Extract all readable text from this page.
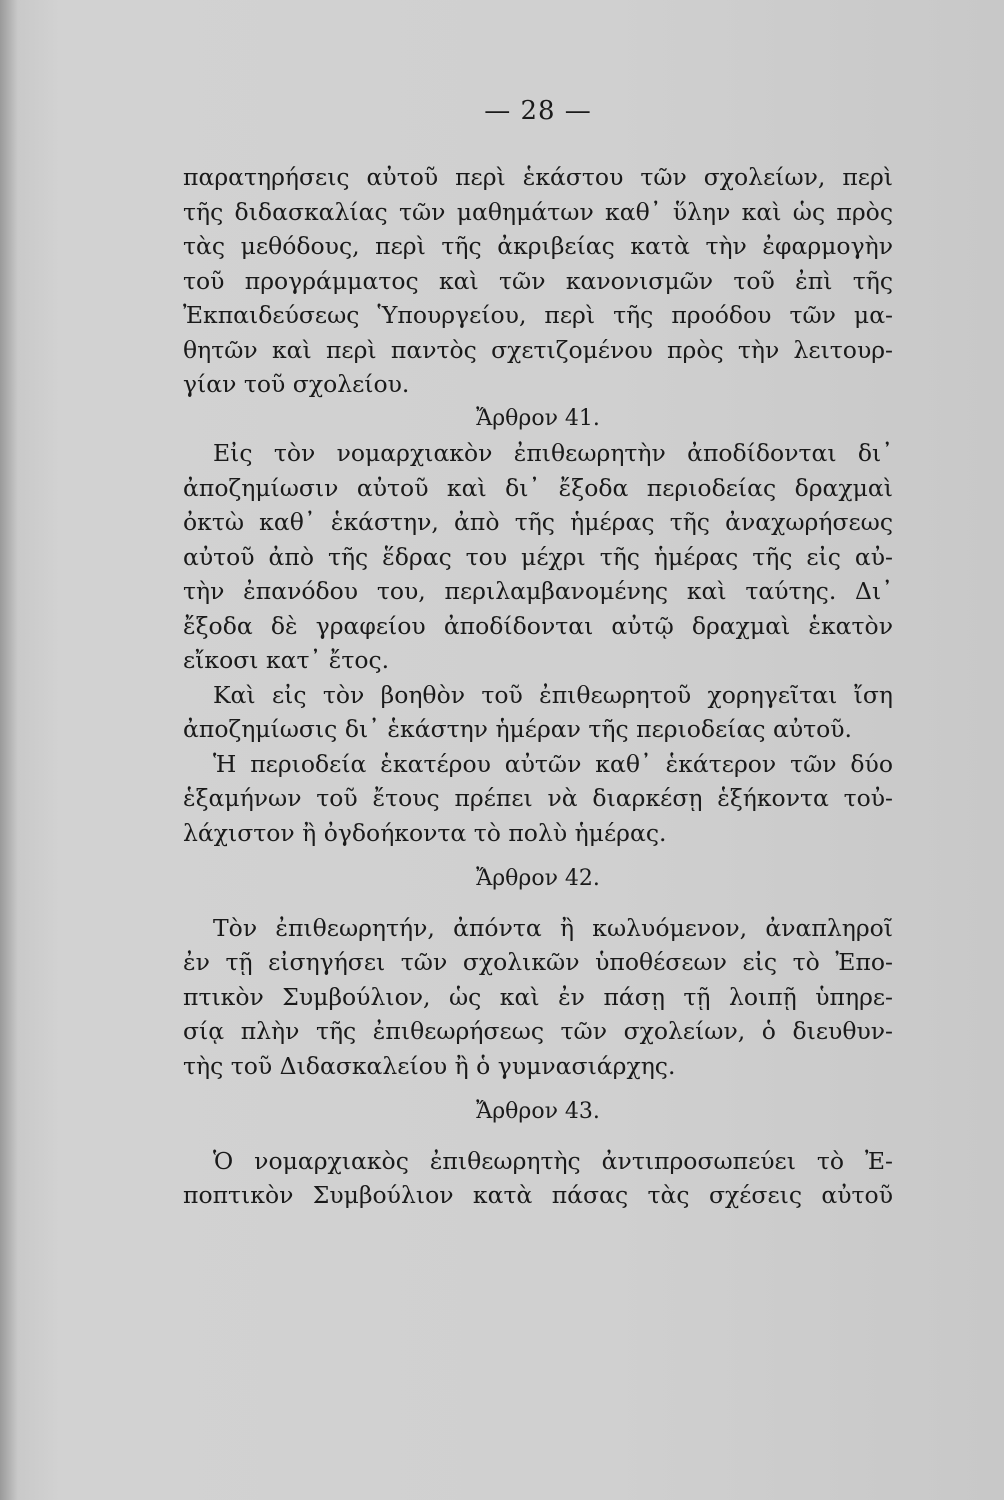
— 28 —
παρατηρήσεις αὐτοῦ περὶ ἑκάστου τῶν σχολείων, περὶ
τῆς διδασκαλίας τῶν μαθημάτων καθ᾽ ὕλην καὶ ὡς πρὸς
τὰς μεθόδους, περὶ τῆς ἀκριβείας κατὰ τὴν ἐφαρμογὴν
τοῦ προγράμματος καὶ τῶν κανονισμῶν τοῦ ἐπὶ τῆς
Ἐκπαιδεύσεως Ὑπουργείου, περὶ τῆς προόδου τῶν μα-
θητῶν καὶ περὶ παντὸς σχετιζομένου πρὸς τὴν λειτουρ-
γίαν τοῦ σχολείου.
Ἄρθρον 41.
Εἰς τὸν νομαρχιακὸν ἐπιθεωρητὴν ἀποδίδονται δι᾽
ἀποζημίωσιν αὐτοῦ καὶ δι᾽ ἔξοδα περιοδείας δραχμαὶ
ὀκτὼ καθ᾽ ἑκάστην, ἀπὸ τῆς ἡμέρας τῆς ἀναχωρήσεως
αὐτοῦ ἀπὸ τῆς ἕδρας του μέχρι τῆς ἡμέρας τῆς εἰς αὐ-
τὴν ἐπανόδου του, περιλαμβανομένης καὶ ταύτης. Δι᾽
ἔξοδα δὲ γραφείου ἀποδίδονται αὐτῷ δραχμαὶ ἑκατὸν
εἴκοσι κατ᾽ ἔτος.
Καὶ εἰς τὸν βοηθὸν τοῦ ἐπιθεωρητοῦ χορηγεῖται ἴση
ἀποζημίωσις δι᾽ ἑκάστην ἡμέραν τῆς περιοδείας αὐτοῦ.
Ἡ περιοδεία ἑκατέρου αὐτῶν καθ᾽ ἑκάτερον τῶν δύο
ἑξαμήνων τοῦ ἔτους πρέπει νὰ διαρκέσῃ ἑξήκοντα τοὐ-
λάχιστον ἢ ὀγδοήκοντα τὸ πολὺ ἡμέρας.
Ἄρθρον 42.
Τὸν ἐπιθεωρητήν, ἀπόντα ἢ κωλυόμενον, ἀναπληροῖ
ἐν τῇ εἰσηγήσει τῶν σχολικῶν ὑποθέσεων εἰς τὸ Ἐπο-
πτικὸν Συμβούλιον, ὡς καὶ ἐν πάσῃ τῇ λοιπῇ ὑπηρε-
σίᾳ πλὴν τῆς ἐπιθεωρήσεως τῶν σχολείων, ὁ διευθυν-
τὴς τοῦ Διδασκαλείου ἢ ὁ γυμνασιάρχης.
Ἄρθρον 43.
Ὁ νομαρχιακὸς ἐπιθεωρητὴς ἀντιπροσωπεύει τὸ Ἐ-
ποπτικὸν Συμβούλιον κατὰ πάσας τὰς σχέσεις αὐτοῦ
